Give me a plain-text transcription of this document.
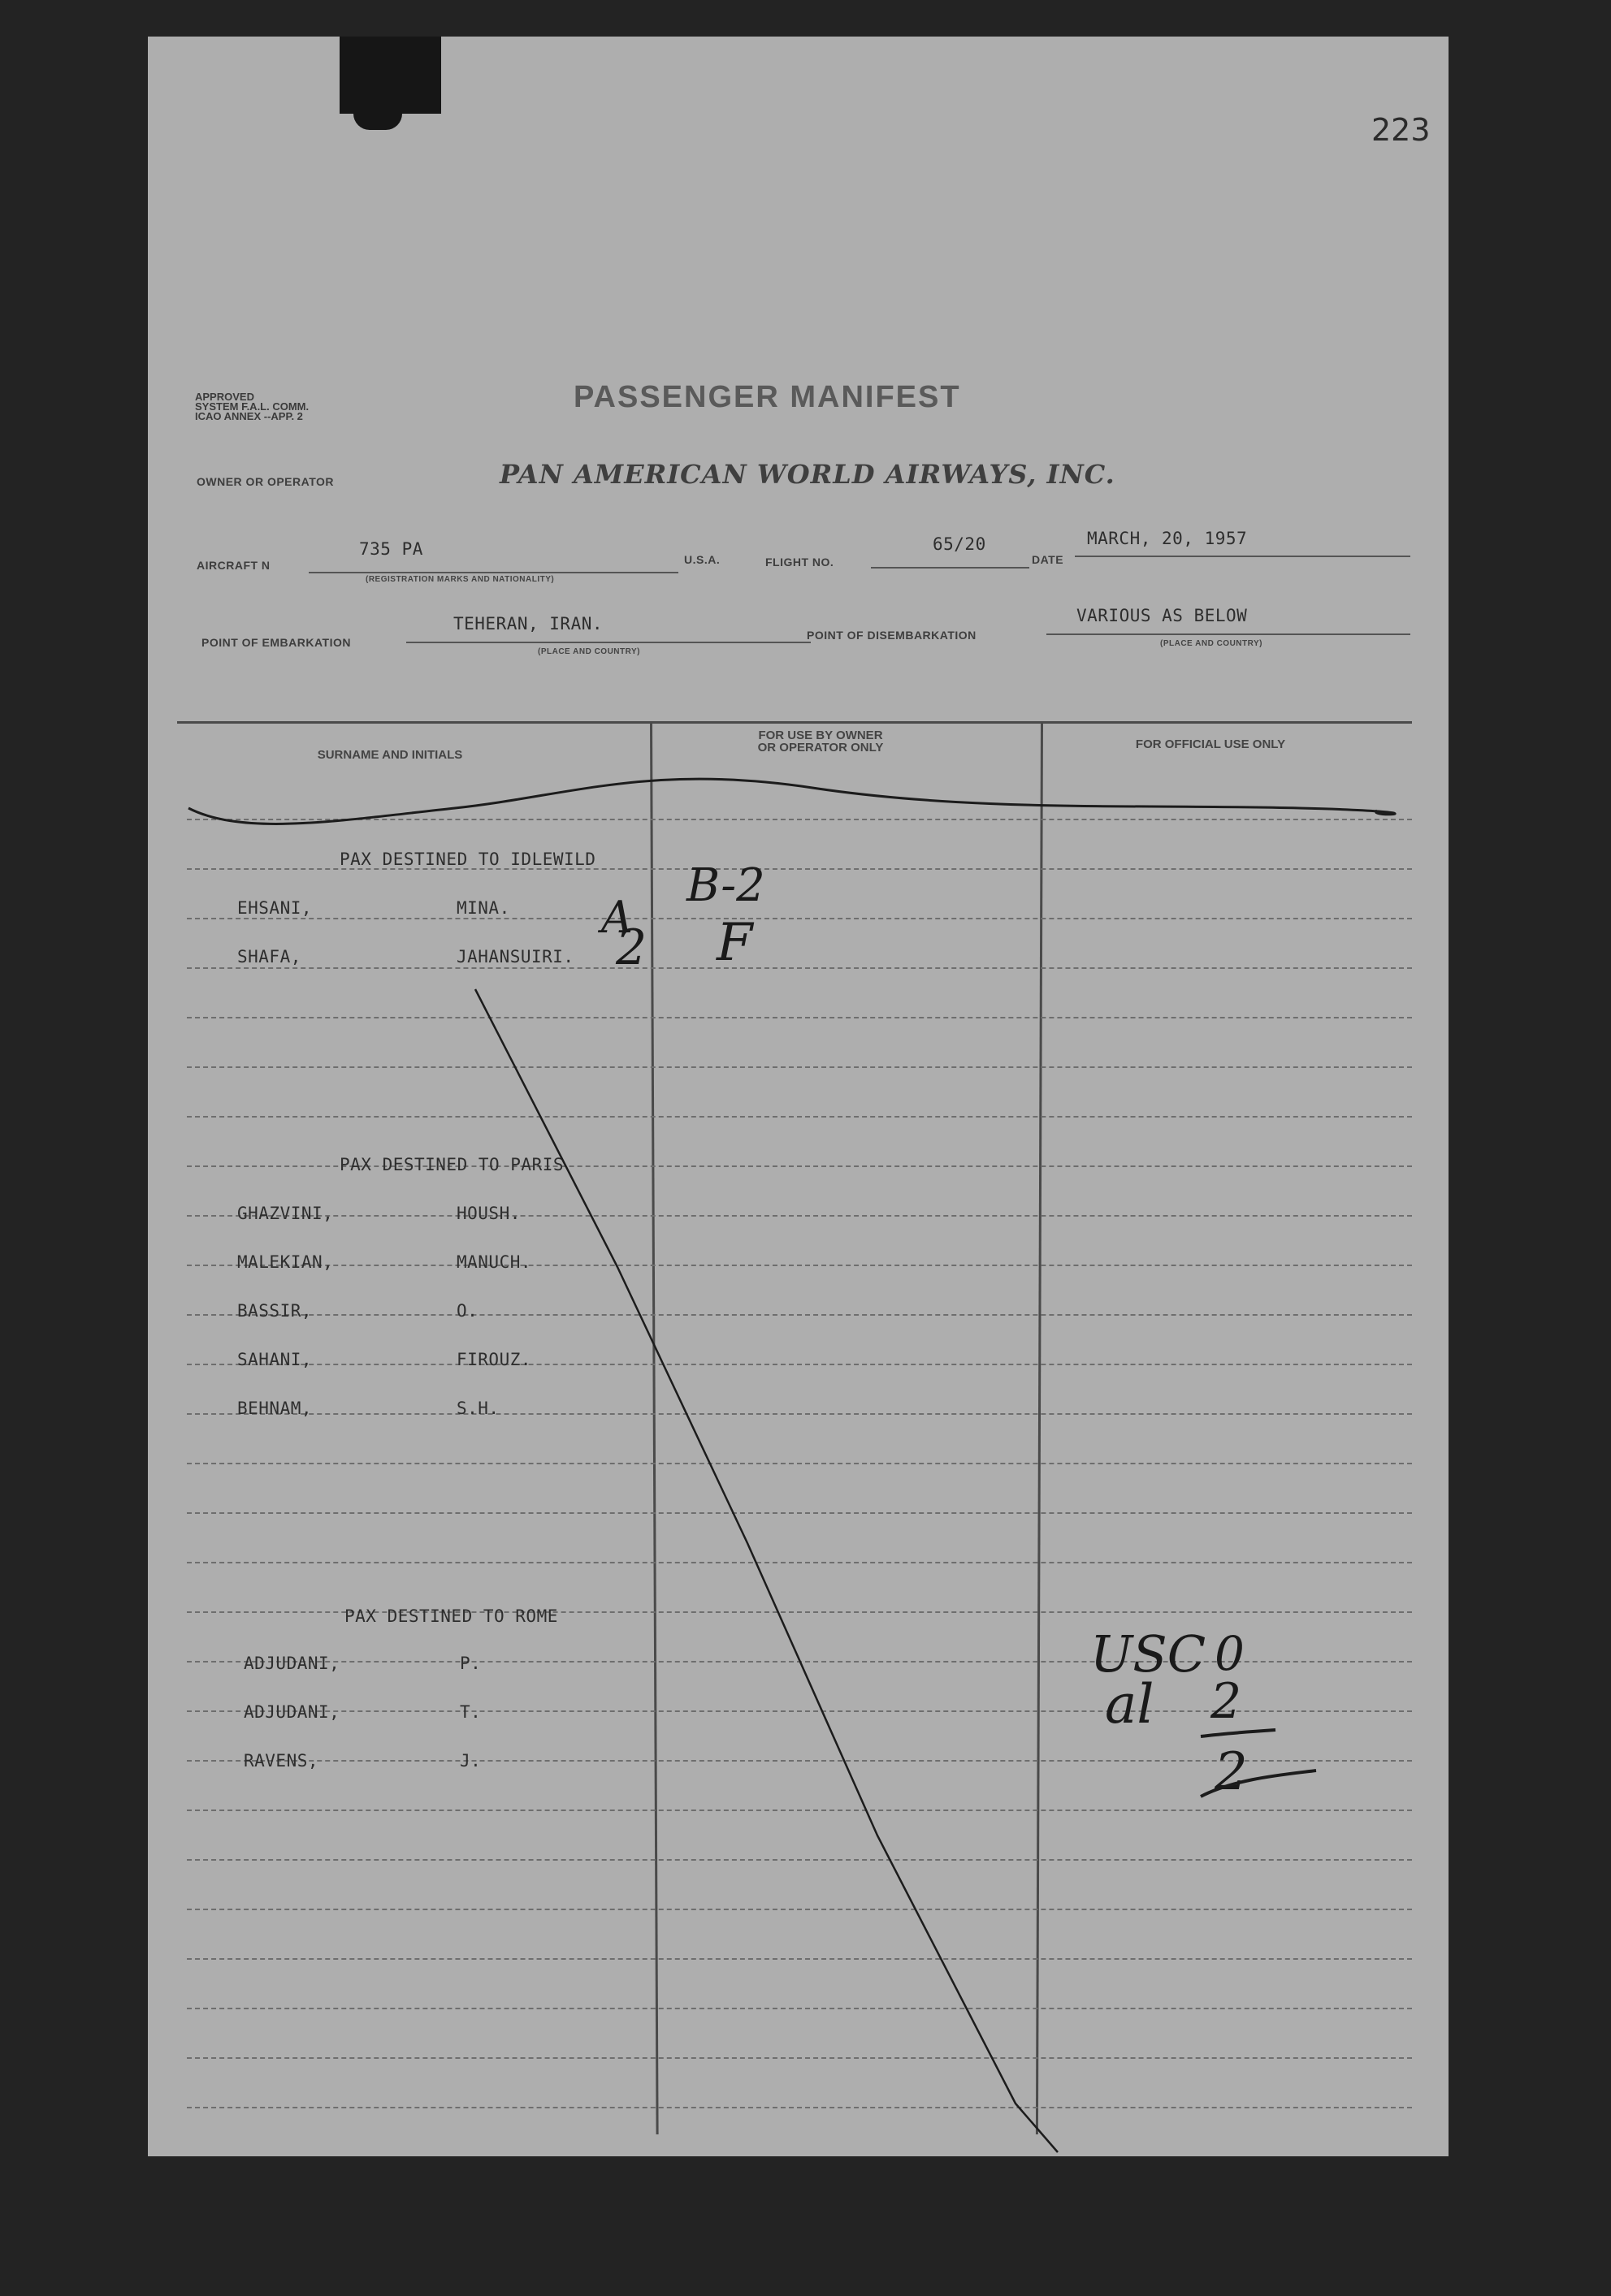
223
APPROVED
SYSTEM F.A.L. COMM.
ICAO ANNEX --APP. 2
PASSENGER MANIFEST
OWNER OR OPERATOR	PAN AMERICAN WORLD AIRWAYS, INC.
AIRCRAFT N
735 PA
(REGISTRATION MARKS AND NATIONALITY)
U.S.A.	FLIGHT NO.
65/20
DATE
MARCH, 20, 1957
POINT OF EMBARKATION
TEHERAN, IRAN.
(PLACE AND COUNTRY)
POINT OF DISEMBARKATION
VARIOUS AS BELOW
(PLACE AND COUNTRY)
SURNAME AND INITIALS
FOR USE BY OWNER
OR OPERATOR ONLY	FOR OFFICIAL USE ONLY
PAX DESTINED TO IDLEWILD
EHSANI,	MINA.
SHAFA,	JAHANSUIRI.
PAX DESTINED TO PARIS
GHAZVINI,	HOUSH.
MALEKIAN,	MANUCH.
BASSIR,	O.
SAHANI,	FIROUZ.
BEHNAM,	S.H.
PAX DESTINED TO ROME
ADJUDANI,	P.
ADJUDANI,	T.
RAVENS,	J.
A
B-2
2 F
USC 0
al 2
2
